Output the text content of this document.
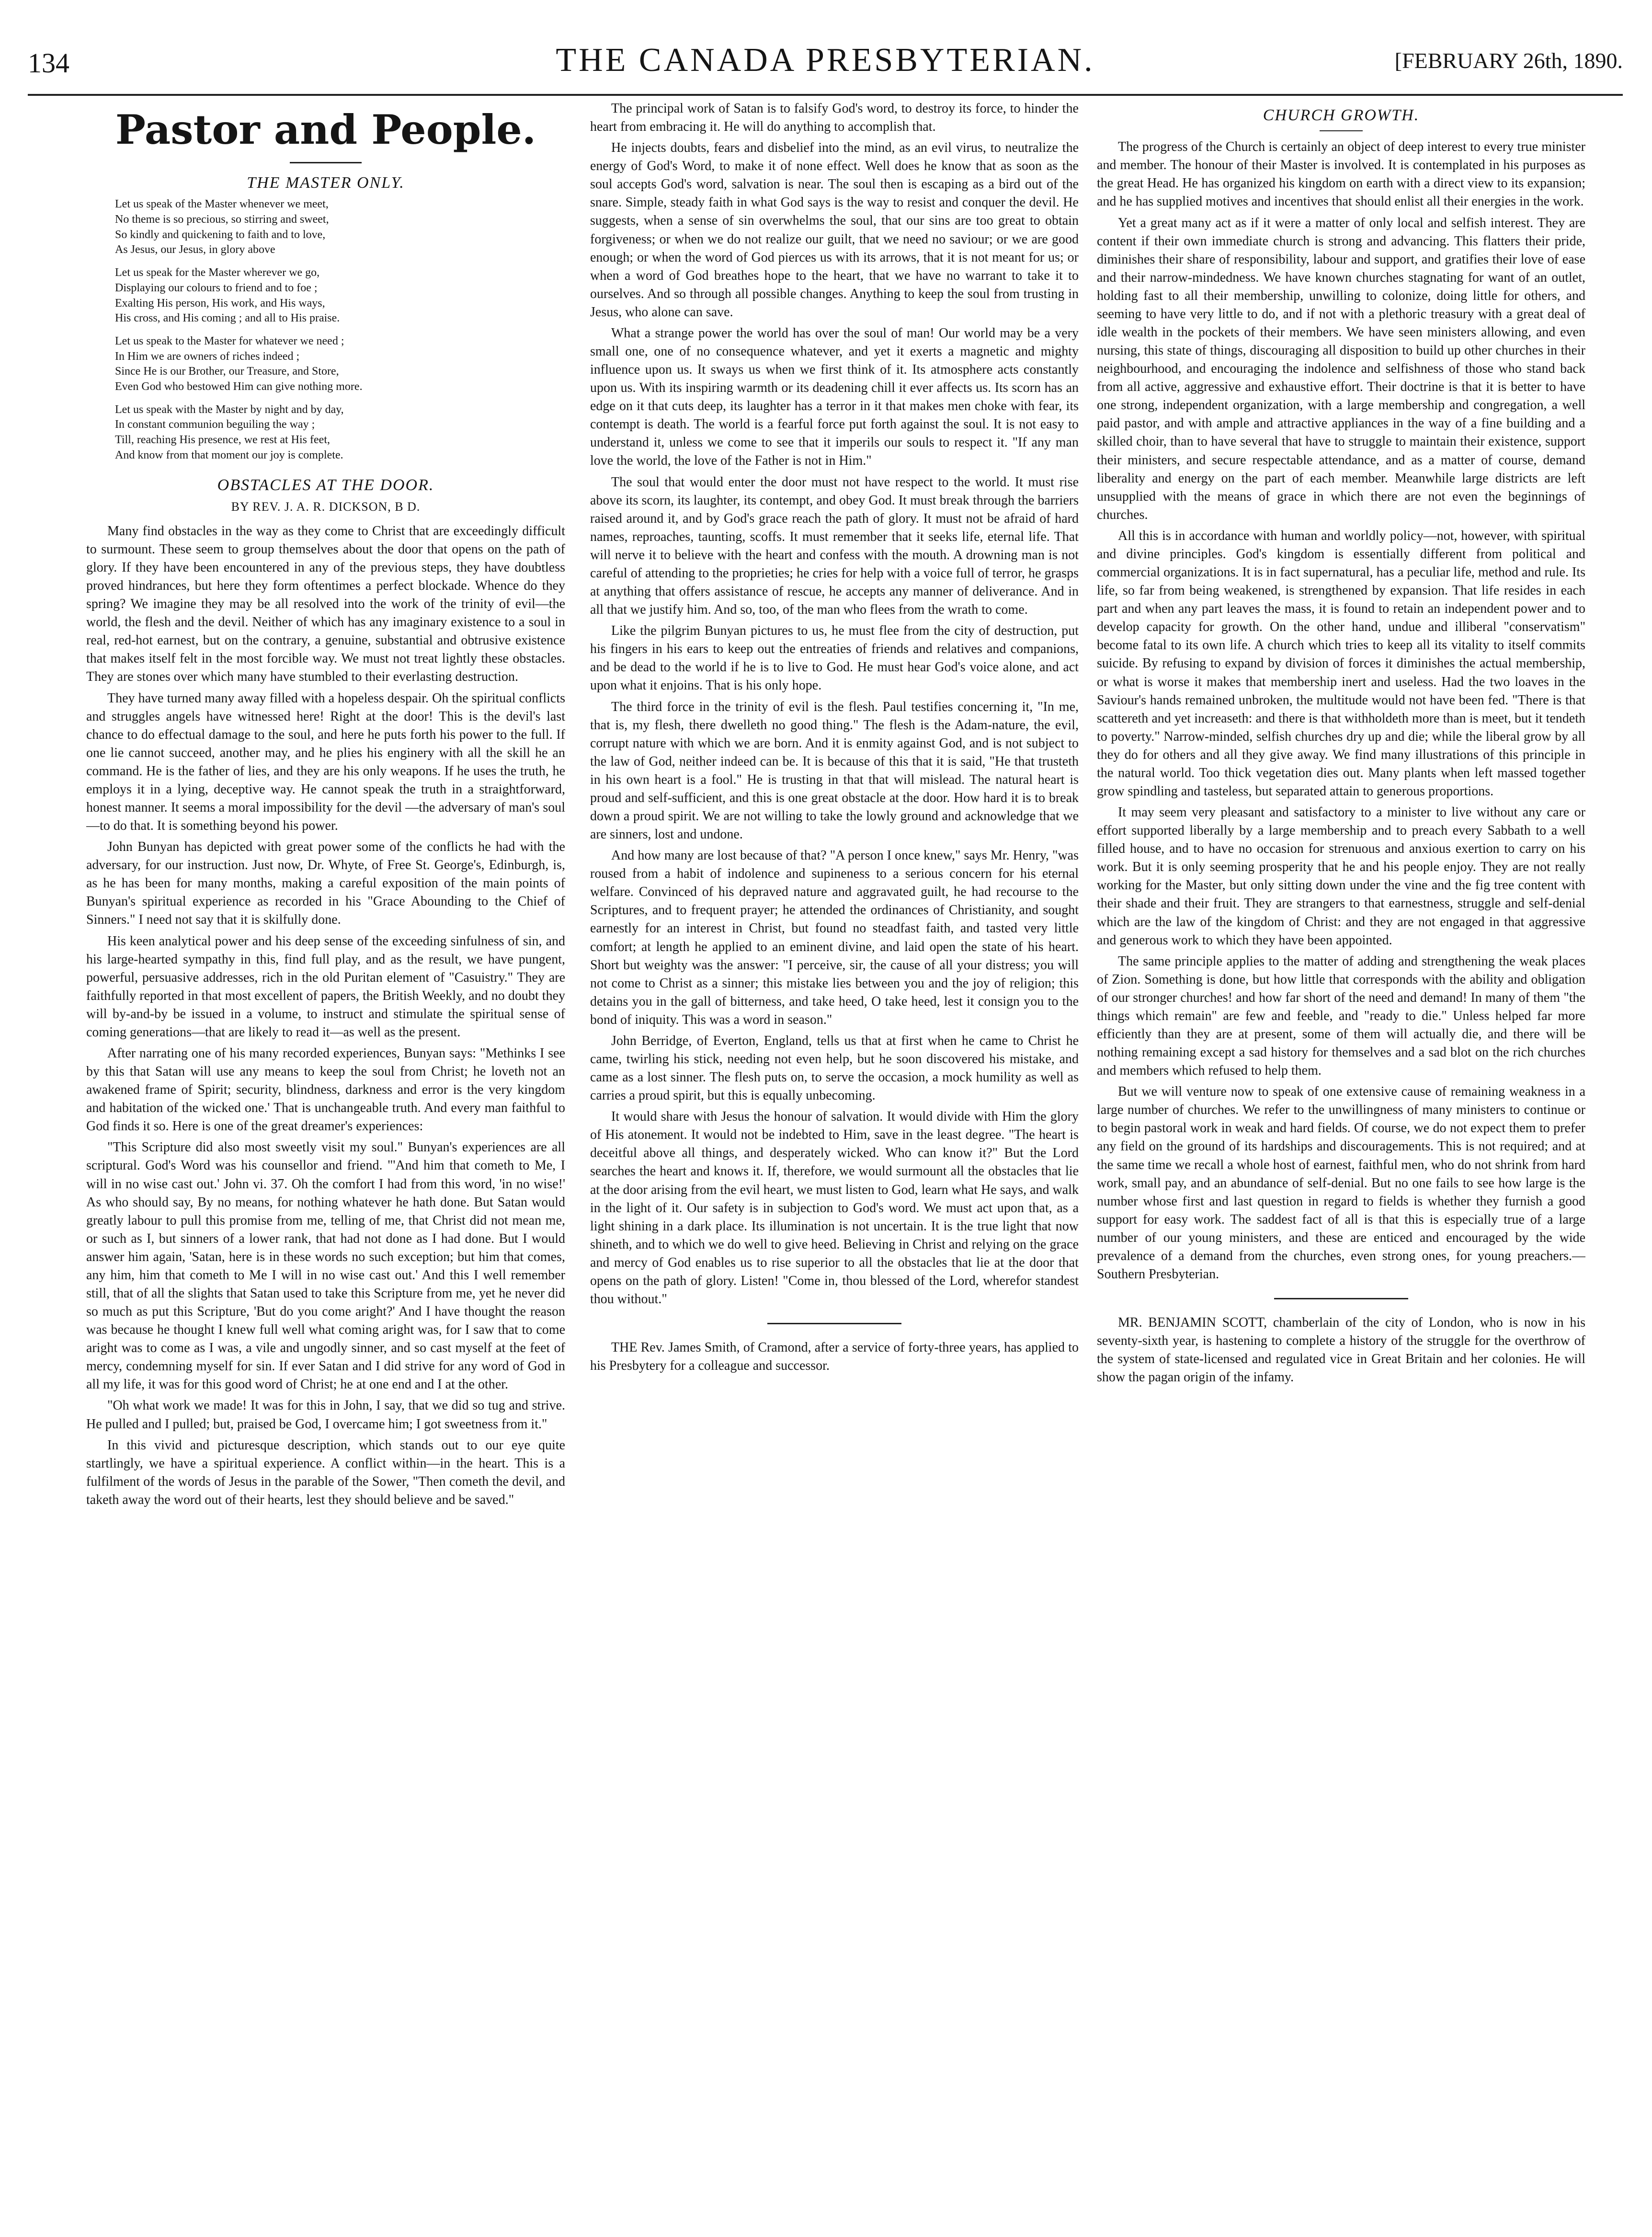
134	THE CANADA PRESBYTERIAN.	[FEBRUARY 26th, 1890.
Pastor and People.
THE MASTER ONLY.
Let us speak of the Master whenever we meet,
No theme is so precious, so stirring and sweet,
So kindly and quickening to faith and to love,
As Jesus, our Jesus, in glory above
Let us speak for the Master wherever we go,
Displaying our colours to friend and to foe ;
Exalting His person, His work, and His ways,
His cross, and His coming ; and all to His praise.
Let us speak to the Master for whatever we need ;
In Him we are owners of riches indeed ;
Since He is our Brother, our Treasure, and Store,
Even God who bestowed Him can give nothing more.
Let us speak with the Master by night and by day,
In constant communion beguiling the way ;
Till, reaching His presence, we rest at His feet,
And know from that moment our joy is complete.
OBSTACLES AT THE DOOR.
BY REV. J. A. R. DICKSON, B D.

Many find obstacles in the way as they come to Christ that are exceedingly difficult to surmount. These seem to group themselves about the door that opens on the path of glory. If they have been encountered in any of the previous steps, they have doubtless proved hindrances, but here they form oftentimes a perfect blockade. Whence do they spring? We imagine they may be all resolved into the work of the trinity of evil—the world, the flesh and the devil. Neither of which has any imaginary existence to a soul in real, red-hot earnest, but on the contrary, a genuine, substantial and obtrusive existence that makes itself felt in the most forcible way. We must not treat lightly these obstacles. They are stones over which many have stumbled to their everlasting destruction.

They have turned many away filled with a hopeless despair. Oh the spiritual conflicts and struggles angels have witnessed here! Right at the door! This is the devil's last chance to do effectual damage to the soul, and here he puts forth his power to the full. If one lie cannot succeed, another may, and he plies his enginery with all the skill he an command. He is the father of lies, and they are his only weapons. If he uses the truth, he employs it in a lying, deceptive way. He cannot speak the truth in a straightforward, honest manner. It seems a moral impossibility for the devil —the adversary of man's soul—to do that. It is something beyond his power.

John Bunyan has depicted with great power some of the conflicts he had with the adversary, for our instruction. Just now, Dr. Whyte, of Free St. George's, Edinburgh, is, as he has been for many months, making a careful exposition of the main points of Bunyan's spiritual experience as recorded in his "Grace Abounding to the Chief of Sinners." I need not say that it is skilfully done.

His keen analytical power and his deep sense of the exceeding sinfulness of sin, and his large-hearted sympathy in this, find full play, and as the result, we have pungent, powerful, persuasive addresses, rich in the old Puritan element of "Casuistry." They are faithfully reported in that most excellent of papers, the British Weekly, and no doubt they will by-and-by be issued in a volume, to instruct and stimulate the spiritual sense of coming generations—that are likely to read it—as well as the present.

After narrating one of his many recorded experiences, Bunyan says: "Methinks I see by this that Satan will use any means to keep the soul from Christ; he loveth not an awakened frame of Spirit; security, blindness, darkness and error is the very kingdom and habitation of the wicked one.' That is unchangeable truth. And every man faithful to God finds it so. Here is one of the great dreamer's experiences:

"This Scripture did also most sweetly visit my soul." Bunyan's experiences are all scriptural. God's Word was his counsellor and friend. "'And him that cometh to Me, I will in no wise cast out.' John vi. 37. Oh the comfort I had from this word, 'in no wise!' As who should say, By no means, for nothing whatever he hath done. But Satan would greatly labour to pull this promise from me, telling of me, that Christ did not mean me, or such as I, but sinners of a lower rank, that had not done as I had done. But I would answer him again, 'Satan, here is in these words no such exception; but him that comes, any him, him that cometh to Me I will in no wise cast out.' And this I well remember still, that of all the slights that Satan used to take this Scripture from me, yet he never did so much as put this Scripture, 'But do you come aright?' And I have thought the reason was because he thought I knew full well what coming aright was, for I saw that to come aright was to come as I was, a vile and ungodly sinner, and so cast myself at the feet of mercy, condemning myself for sin. If ever Satan and I did strive for any word of God in all my life, it was for this good word of Christ; he at one end and I at the other.

"Oh what work we made! It was for this in John, I say, that we did so tug and strive. He pulled and I pulled; but, praised be God, I overcame him; I got sweetness from it."

In this vivid and picturesque description, which stands out to our eye quite startlingly, we have a spiritual experience. A conflict within—in the heart. This is a fulfilment of the words of Jesus in the parable of the Sower, "Then cometh the devil, and taketh away the word out of their hearts, lest they should believe and be saved."

The principal work of Satan is to falsify God's word, to destroy its force, to hinder the heart from embracing it. He will do anything to accomplish that.

He injects doubts, fears and disbelief into the mind, as an evil virus, to neutralize the energy of God's Word, to make it of none effect. Well does he know that as soon as the soul accepts God's word, salvation is near. The soul then is escaping as a bird out of the snare. Simple, steady faith in what God says is the way to resist and conquer the devil. He suggests, when a sense of sin overwhelms the soul, that our sins are too great to obtain forgiveness; or when we do not realize our guilt, that we need no saviour; or we are good enough; or when the word of God pierces us with its arrows, that it is not meant for us; or when a word of God breathes hope to the heart, that we have no warrant to take it to ourselves. And so through all possible changes. Anything to keep the soul from trusting in Jesus, who alone can save.

What a strange power the world has over the soul of man! Our world may be a very small one, one of no consequence whatever, and yet it exerts a magnetic and mighty influence upon us. It sways us when we first think of it. Its atmosphere acts constantly upon us. With its inspiring warmth or its deadening chill it ever affects us. Its scorn has an edge on it that cuts deep, its laughter has a terror in it that makes men choke with fear, its contempt is death. The world is a fearful force put forth against the soul. It is not easy to understand it, unless we come to see that it imperils our souls to respect it. "If any man love the world, the love of the Father is not in Him."

The soul that would enter the door must not have respect to the world. It must rise above its scorn, its laughter, its contempt, and obey God. It must break through the barriers raised around it, and by God's grace reach the path of glory. It must not be afraid of hard names, reproaches, taunting, scoffs. It must remember that it seeks life, eternal life. That will nerve it to believe with the heart and confess with the mouth. A drowning man is not careful of attending to the proprieties; he cries for help with a voice full of terror, he grasps at anything that offers assistance of rescue, he accepts any manner of deliverance. And in all that we justify him. And so, too, of the man who flees from the wrath to come.

Like the pilgrim Bunyan pictures to us, he must flee from the city of destruction, put his fingers in his ears to keep out the entreaties of friends and relatives and companions, and be dead to the world if he is to live to God. He must hear God's voice alone, and act upon what it enjoins. That is his only hope.

The third force in the trinity of evil is the flesh. Paul testifies concerning it, "In me, that is, my flesh, there dwelleth no good thing." The flesh is the Adam-nature, the evil, corrupt nature with which we are born. And it is enmity against God, and is not subject to the law of God, neither indeed can be. It is because of this that it is said, "He that trusteth in his own heart is a fool." He is trusting in that that will mislead. The natural heart is proud and self-sufficient, and this is one great obstacle at the door. How hard it is to break down a proud spirit. We are not willing to take the lowly ground and acknowledge that we are sinners, lost and undone.

And how many are lost because of that? "A person I once knew," says Mr. Henry, "was roused from a habit of indolence and supineness to a serious concern for his eternal welfare. Convinced of his depraved nature and aggravated guilt, he had recourse to the Scriptures, and to frequent prayer; he attended the ordinances of Christianity, and sought earnestly for an interest in Christ, but found no steadfast faith, and tasted very little comfort; at length he applied to an eminent divine, and laid open the state of his heart. Short but weighty was the answer: "I perceive, sir, the cause of all your distress; you will not come to Christ as a sinner; this mistake lies between you and the joy of religion; this detains you in the gall of bitterness, and take heed, O take heed, lest it consign you to the bond of iniquity. This was a word in season."

John Berridge, of Everton, England, tells us that at first when he came to Christ he came, twirling his stick, needing not even help, but he soon discovered his mistake, and came as a lost sinner. The flesh puts on, to serve the occasion, a mock humility as well as carries a proud spirit, but this is equally unbecoming.

It would share with Jesus the honour of salvation. It would divide with Him the glory of His atonement. It would not be indebted to Him, save in the least degree. "The heart is deceitful above all things, and desperately wicked. Who can know it?" But the Lord searches the heart and knows it. If, therefore, we would surmount all the obstacles that lie at the door arising from the evil heart, we must listen to God, learn what He says, and walk in the light of it. Our safety is in subjection to God's word. We must act upon that, as a light shining in a dark place. Its illumination is not uncertain. It is the true light that now shineth, and to which we do well to give heed. Believing in Christ and relying on the grace and mercy of God enables us to rise superior to all the obstacles that lie at the door that opens on the path of glory. Listen! "Come in, thou blessed of the Lord, wherefor standest thou without."

THE Rev. James Smith, of Cramond, after a service of forty-three years, has applied to his Presbytery for a colleague and successor.

CHURCH GROWTH.

The progress of the Church is certainly an object of deep interest to every true minister and member. The honour of their Master is involved. It is contemplated in his purposes as the great Head. He has organized his kingdom on earth with a direct view to its expansion; and he has supplied motives and incentives that should enlist all their energies in the work.

Yet a great many act as if it were a matter of only local and selfish interest. They are content if their own immediate church is strong and advancing. This flatters their pride, diminishes their share of responsibility, labour and support, and gratifies their love of ease and their narrow-mindedness. We have known churches stagnating for want of an outlet, holding fast to all their membership, unwilling to colonize, doing little for others, and seeming to have very little to do, and if not with a plethoric treasury with a great deal of idle wealth in the pockets of their members. We have seen ministers allowing, and even nursing, this state of things, discouraging all disposition to build up other churches in their neighbourhood, and encouraging the indolence and selfishness of those who stand back from all active, aggressive and exhaustive effort. Their doctrine is that it is better to have one strong, independent organization, with a large membership and congregation, a well paid pastor, and with ample and attractive appliances in the way of a fine building and a skilled choir, than to have several that have to struggle to maintain their existence, support their ministers, and secure respectable attendance, and as a matter of course, demand liberality and energy on the part of each member. Meanwhile large districts are left unsupplied with the means of grace in which there are not even the beginnings of churches.

All this is in accordance with human and worldly policy—not, however, with spiritual and divine principles. God's kingdom is essentially different from political and commercial organizations. It is in fact supernatural, has a peculiar life, method and rule. Its life, so far from being weakened, is strengthened by expansion. That life resides in each part and when any part leaves the mass, it is found to retain an independent power and to develop capacity for growth. On the other hand, undue and illiberal "conservatism" become fatal to its own life. A church which tries to keep all its vitality to itself commits suicide. By refusing to expand by division of forces it diminishes the actual membership, or what is worse it makes that membership inert and useless. Had the two loaves in the Saviour's hands remained unbroken, the multitude would not have been fed. "There is that scattereth and yet increaseth: and there is that withholdeth more than is meet, but it tendeth to poverty." Narrow-minded, selfish churches dry up and die; while the liberal grow by all they do for others and all they give away. We find many illustrations of this principle in the natural world. Too thick vegetation dies out. Many plants when left massed together grow spindling and tasteless, but separated attain to generous proportions.

It may seem very pleasant and satisfactory to a minister to live without any care or effort supported liberally by a large membership and to preach every Sabbath to a well filled house, and to have no occasion for strenuous and anxious exertion to carry on his work. But it is only seeming prosperity that he and his people enjoy. They are not really working for the Master, but only sitting down under the vine and the fig tree content with their shade and their fruit. They are strangers to that earnestness, struggle and self-denial which are the law of the kingdom of Christ: and they are not engaged in that aggressive and generous work to which they have been appointed.

The same principle applies to the matter of adding and strengthening the weak places of Zion. Something is done, but how little that corresponds with the ability and obligation of our stronger churches! and how far short of the need and demand! In many of them "the things which remain" are few and feeble, and "ready to die." Unless helped far more efficiently than they are at present, some of them will actually die, and there will be nothing remaining except a sad history for themselves and a sad blot on the rich churches and members which refused to help them.

But we will venture now to speak of one extensive cause of remaining weakness in a large number of churches. We refer to the unwillingness of many ministers to continue or to begin pastoral work in weak and hard fields. Of course, we do not expect them to prefer any field on the ground of its hardships and discouragements. This is not required; and at the same time we recall a whole host of earnest, faithful men, who do not shrink from hard work, small pay, and an abundance of self-denial. But no one fails to see how large is the number whose first and last question in regard to fields is whether they furnish a good support for easy work. The saddest fact of all is that this is especially true of a large number of our young ministers, and these are enticed and encouraged by the wide prevalence of a demand from the churches, even strong ones, for young preachers.—Southern Presbyterian.

MR. BENJAMIN SCOTT, chamberlain of the city of London, who is now in his seventy-sixth year, is hastening to complete a history of the struggle for the overthrow of the system of state-licensed and regulated vice in Great Britain and her colonies. He will show the pagan origin of the infamy.
